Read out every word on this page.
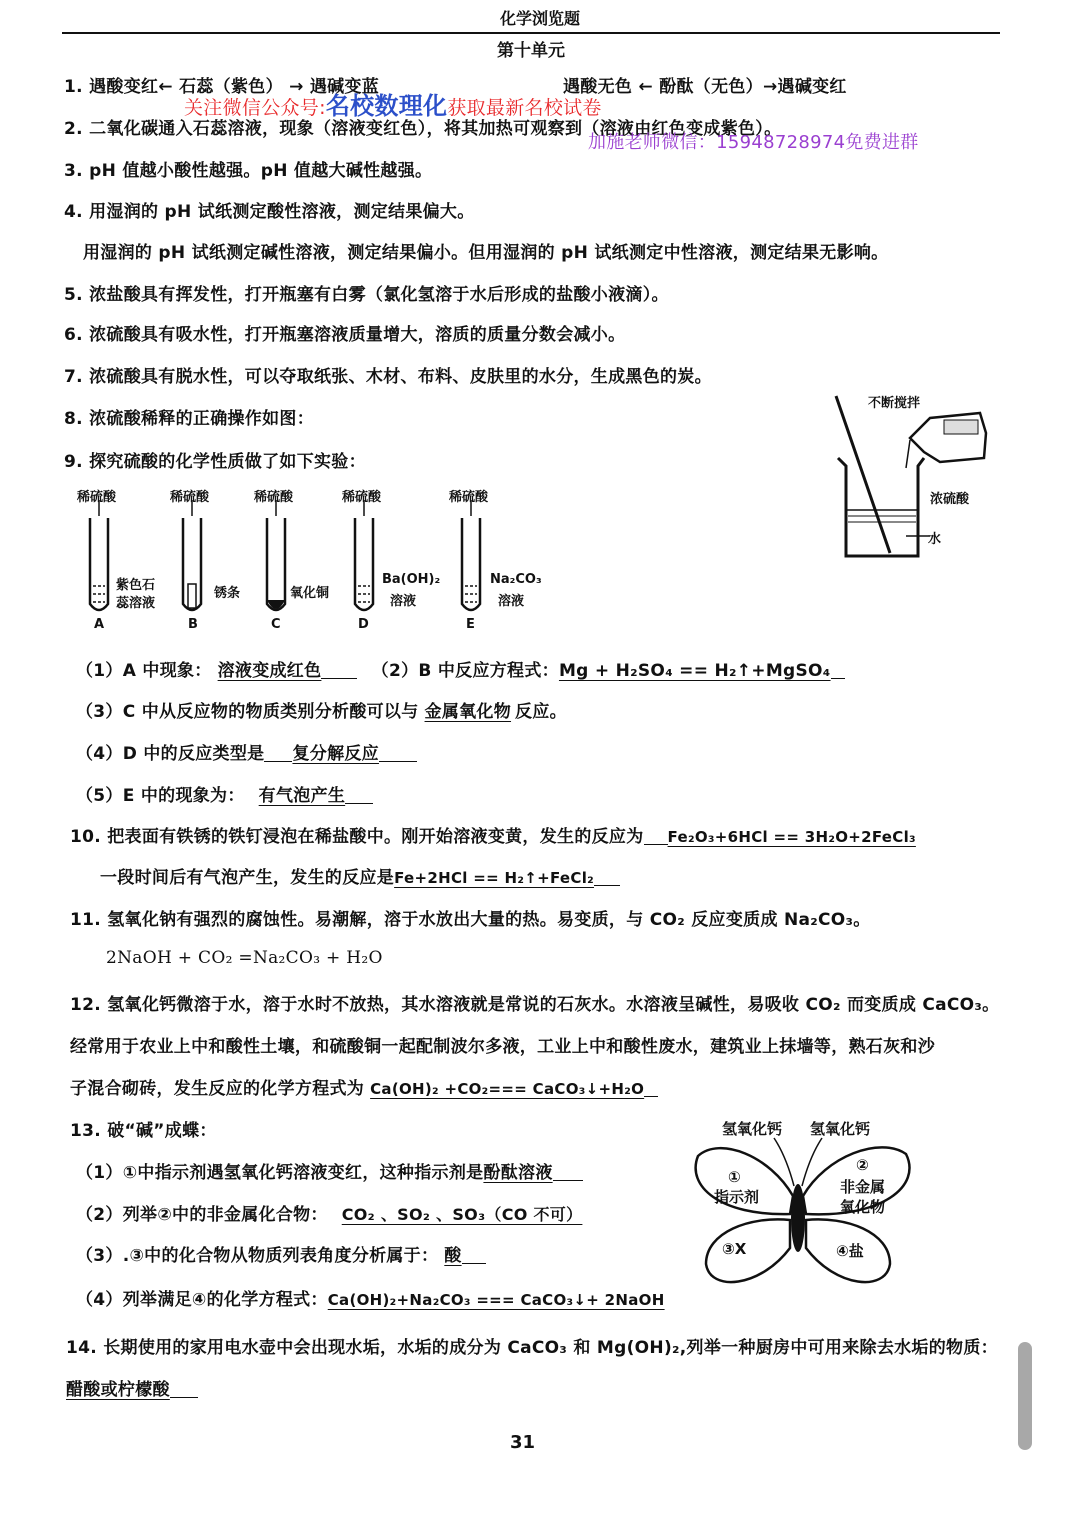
化学浏览题
第十单元
1. 遇酸变红← 石蕊（紫色） → 遇碱变蓝	遇酸无色 ← 酚酞（无色）→遇碱变红
关注微信公众号:名校数理化获取最新名校试卷
2. 二氧化碳通入石蕊溶液，现象（溶液变红色），将其加热可观察到（溶液由红色变成紫色）。
加施老师微信：15948728974免费进群
3. pH 值越小酸性越强。pH 值越大碱性越强。
4. 用湿润的 pH 试纸测定酸性溶液，测定结果偏大。
用湿润的 pH 试纸测定碱性溶液，测定结果偏小。但用湿润的 pH 试纸测定中性溶液，测定结果无影响。
5. 浓盐酸具有挥发性，打开瓶塞有白雾（氯化氢溶于水后形成的盐酸小液滴）。
6. 浓硫酸具有吸水性，打开瓶塞溶液质量增大，溶质的质量分数会减小。
7. 浓硫酸具有脱水性，可以夺取纸张、木材、布料、皮肤里的水分，生成黑色的炭。
8. 浓硫酸稀释的正确操作如图：
9. 探究硫酸的化学性质做了如下实验：
不断搅拌
浓硫酸
水
稀硫酸	稀硫酸	稀硫酸	稀硫酸	稀硫酸
紫色石
蕊溶液
锈条	氧化铜
Ba(OH)₂
溶液
Na₂CO₃
溶液
A	B	C	D	E
（1）A 中现象： 溶液变成红色	（2）B 中反应方程式：Mg + H₂SO₄ == H₂↑+MgSO₄
（3）C 中从反应物的物质类别分析酸可以与 金属氧化物 反应。
（4）D 中的反应类型是 复分解反应
（5）E 中的现象为： 有气泡产生
10. 把表面有铁锈的铁钉浸泡在稀盐酸中。刚开始溶液变黄，发生的反应为 Fe₂O₃+6HCl == 3H₂O+2FeCl₃
一段时间后有气泡产生，发生的反应是Fe+2HCl == H₂↑+FeCl₂
11. 氢氧化钠有强烈的腐蚀性。易潮解，溶于水放出大量的热。易变质，与 CO₂ 反应变质成 Na₂CO₃。
2NaOH + CO₂ =Na₂CO₃ + H₂O
12. 氢氧化钙微溶于水，溶于水时不放热，其水溶液就是常说的石灰水。水溶液呈碱性，易吸收 CO₂ 而变质成 CaCO₃。
经常用于农业上中和酸性土壤，和硫酸铜一起配制波尔多液，工业上中和酸性废水，建筑业上抹墙等，熟石灰和沙
子混合砌砖，发生反应的化学方程式为 Ca(OH)₂ +CO₂=== CaCO₃↓+H₂O
13. 破“碱”成蝶：
（1）①中指示剂遇氢氧化钙溶液变红，这种指示剂是酚酞溶液
（2）列举②中的非金属化合物： CO₂ 、SO₂ 、SO₃（CO 不可）
（3）.③中的化合物从物质列表角度分析属于： 酸
（4）列举满足④的化学方程式：Ca(OH)₂+Na₂CO₃ === CaCO₃↓+ 2NaOH
氢氧化钙 氢氧化钙
①
指示剂
②
非金属
氧化物
③X	④盐
14. 长期使用的家用电水壶中会出现水垢，水垢的成分为 CaCO₃ 和 Mg(OH)₂,列举一种厨房中可用来除去水垢的物质：
醋酸或柠檬酸
31
